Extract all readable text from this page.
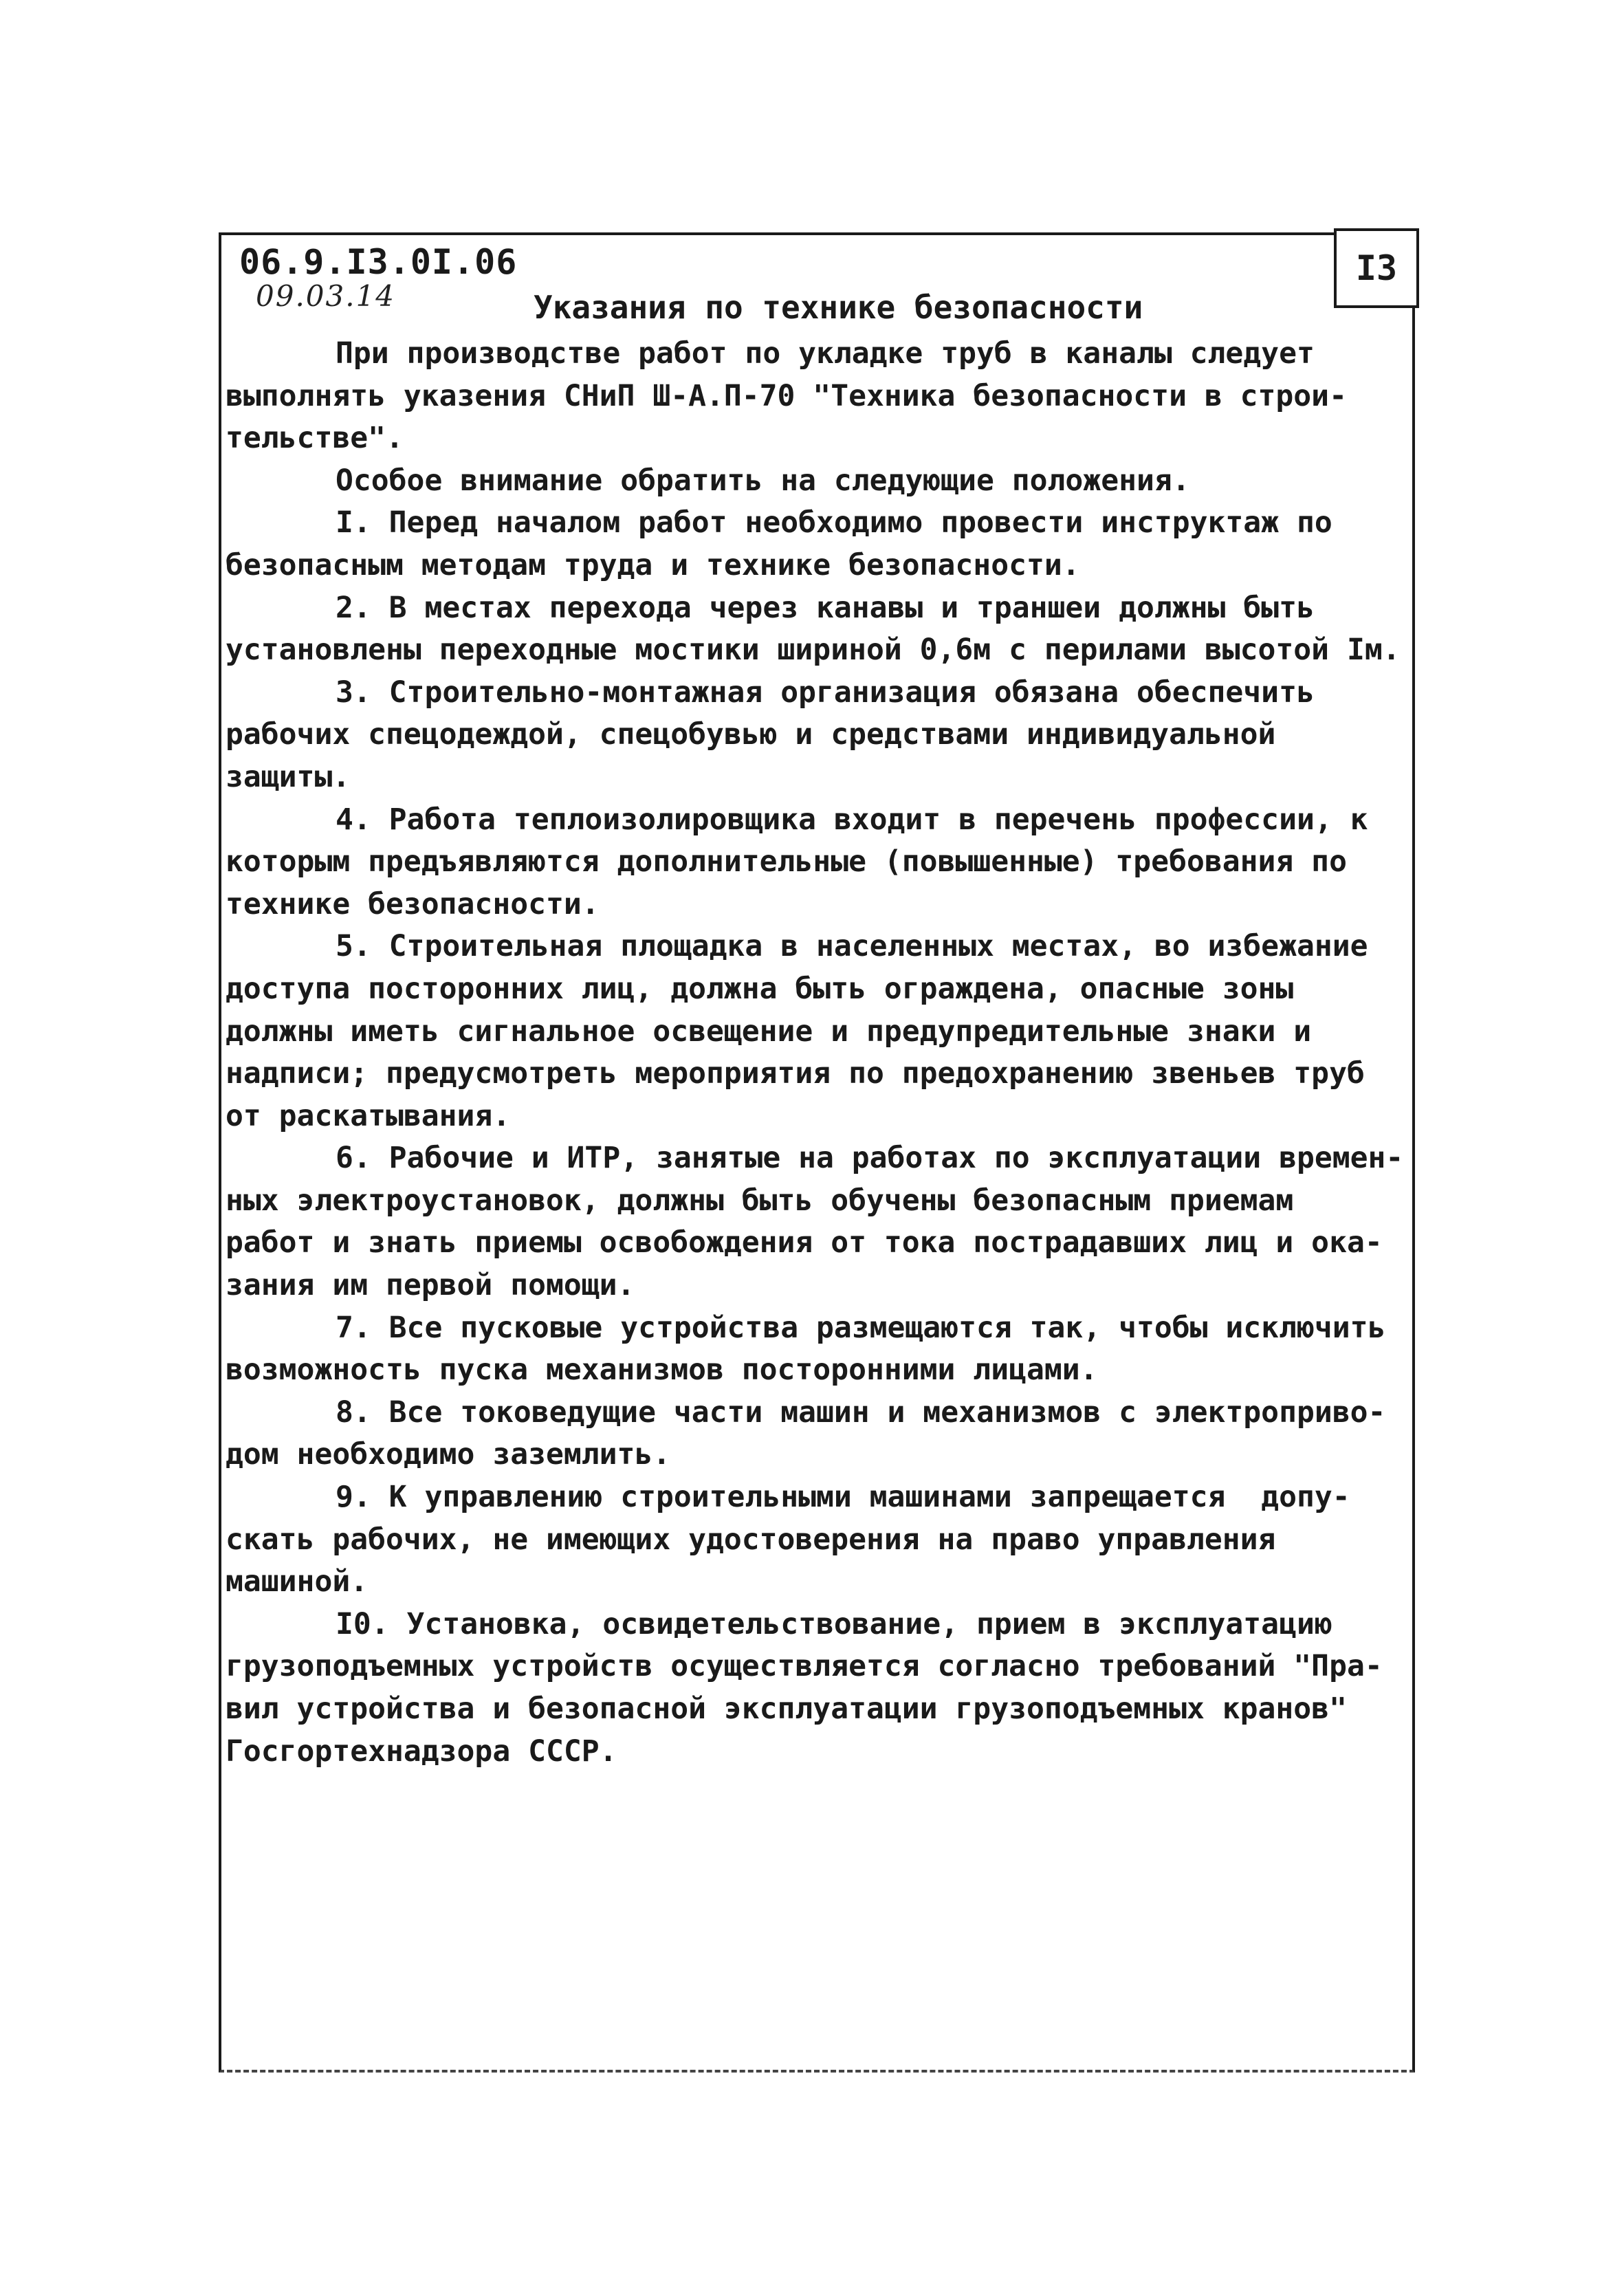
I3
06.9.I3.0I.06
09.03.14	Указания по технике безопасности
При производстве работ по укладке труб в каналы следует
выполнять указения СНиП Ш-А.П-70 "Техника безопасности в строи-
тельстве".
Особое внимание обратить на следующие положения.
I. Перед началом работ необходимо провести инструктаж по
безопасным методам труда и технике безопасности.
2. В местах перехода через канавы и траншеи должны быть
установлены переходные мостики шириной 0,6м с перилами высотой Iм.
3. Строительно-монтажная организация обязана обеспечить
рабочих спецодеждой, спецобувью и средствами индивидуальной
защиты.
4. Работа теплоизолировщика входит в перечень профессии, к
которым предъявляются дополнительные (повышенные) требования по
технике безопасности.
5. Строительная площадка в населенных местах, во избежание
доступа посторонних лиц, должна быть ограждена, опасные зоны
должны иметь сигнальное освещение и предупредительные знаки и
надписи; предусмотреть мероприятия по предохранению звеньев труб
от раскатывания.
6. Рабочие и ИТР, занятые на работах по эксплуатации времен-
ных электроустановок, должны быть обучены безопасным приемам
работ и знать приемы освобождения от тока пострадавших лиц и ока-
зания им первой помощи.
7. Все пусковые устройства размещаются так, чтобы исключить
возможность пуска механизмов посторонними лицами.
8. Все токоведущие части машин и механизмов с электроприво-
дом необходимо заземлить.
9. К управлению строительными машинами запрещается  допу-
скать рабочих, не имеющих удостоверения на право управления
машиной.
I0. Установка, освидетельствование, прием в эксплуатацию
грузоподъемных устройств осуществляется согласно требований "Пра-
вил устройства и безопасной эксплуатации грузоподъемных кранов"
Госгортехнадзора СССР.
